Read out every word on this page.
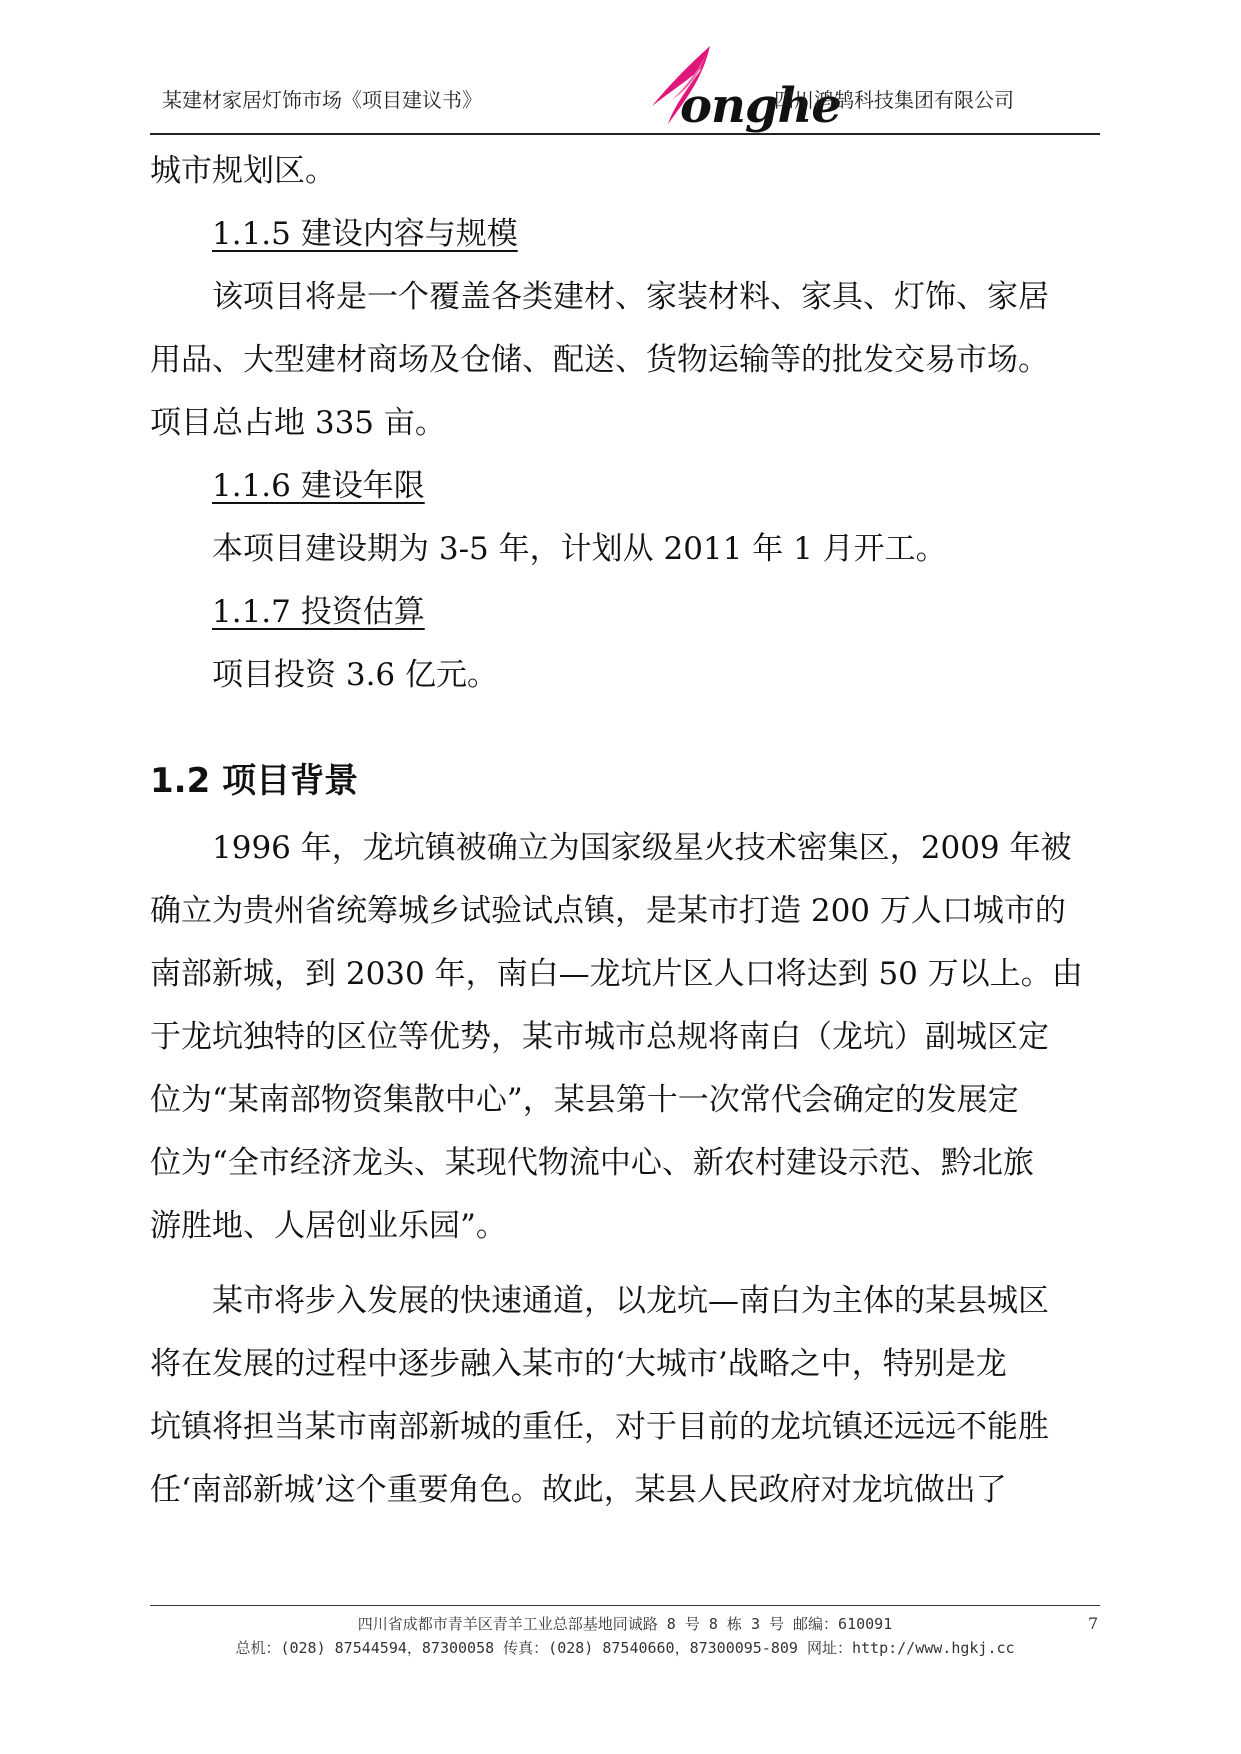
某建材家居灯饰市场《项目建议书》	onghe
四川鸿鹄科技集团有限公司

城市规划区。

1.1.5 建设内容与规模

该项目将是一个覆盖各类建材、家装材料、家具、灯饰、家居

用品、大型建材商场及仓储、配送、货物运输等的批发交易市场。

项目总占地 335 亩。

1.1.6 建设年限

本项目建设期为 3-5 年，计划从 2011 年 1 月开工。

1.1.7 投资估算

项目投资 3.6 亿元。

1.2 项目背景

1996 年，龙坑镇被确立为国家级星火技术密集区，2009 年被

确立为贵州省统筹城乡试验试点镇，是某市打造 200 万人口城市的

南部新城，到 2030 年，南白—龙坑片区人口将达到 50 万以上。由

于龙坑独特的区位等优势，某市城市总规将南白（龙坑）副城区定

位为“某南部物资集散中心”，某县第十一次常代会确定的发展定

位为“全市经济龙头、某现代物流中心、新农村建设示范、黔北旅

游胜地、人居创业乐园”。

某市将步入发展的快速通道，以龙坑—南白为主体的某县城区

将在发展的过程中逐步融入某市的‘大城市’战略之中，特别是龙

坑镇将担当某市南部新城的重任，对于目前的龙坑镇还远远不能胜

任‘南部新城’这个重要角色。故此，某县人民政府对龙坑做出了

四川省成都市青羊区青羊工业总部基地同诚路 8 号 8 栋 3 号 邮编：610091
总机：(028) 87544594，87300058 传真：(028) 87540660，87300095-809 网址：http://www.hgkj.cc
7
